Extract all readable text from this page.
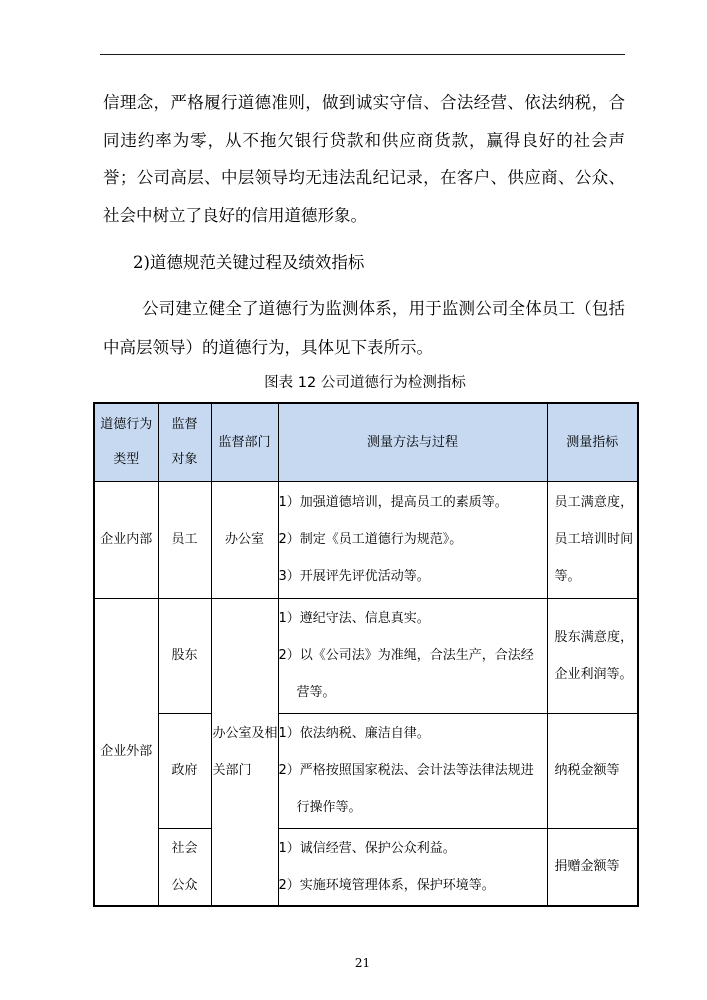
信理念，严格履行道德准则，做到诚实守信、合法经营、依法纳税，合
同违约率为零，从不拖欠银行贷款和供应商货款，赢得良好的社会声
誉；公司高层、中层领导均无违法乱纪记录，在客户、供应商、公众、
社会中树立了良好的信用道德形象。
2)道德规范关键过程及绩效指标
公司建立健全了道德行为监测体系，用于监测公司全体员工（包括
中高层领导）的道德行为，具体见下表所示。
图表 12 公司道德行为检测指标
道德行为类型	监督对象	监督部门	测量方法与过程	测量指标

企业内部	员工	办公室	1）加强道德培训，提高员工的素质等。
2）制定《员工道德行为规范》。
3）开展评先评优活动等。	员工满意度，员工培训时间等。

企业外部	股东	办公室及相关部门	1）遵纪守法、信息真实。
2）以《公司法》为准绳，合法生产，合法经
营等。	股东满意度，企业利润等。

	政府		1）依法纳税、廉洁自律。
2）严格按照国家税法、会计法等法律法规进
行操作等。	纳税金额等

	社会公众		1）诚信经营、保护公众利益。
2）实施环境管理体系，保护环境等。	捐赠金额等
21
